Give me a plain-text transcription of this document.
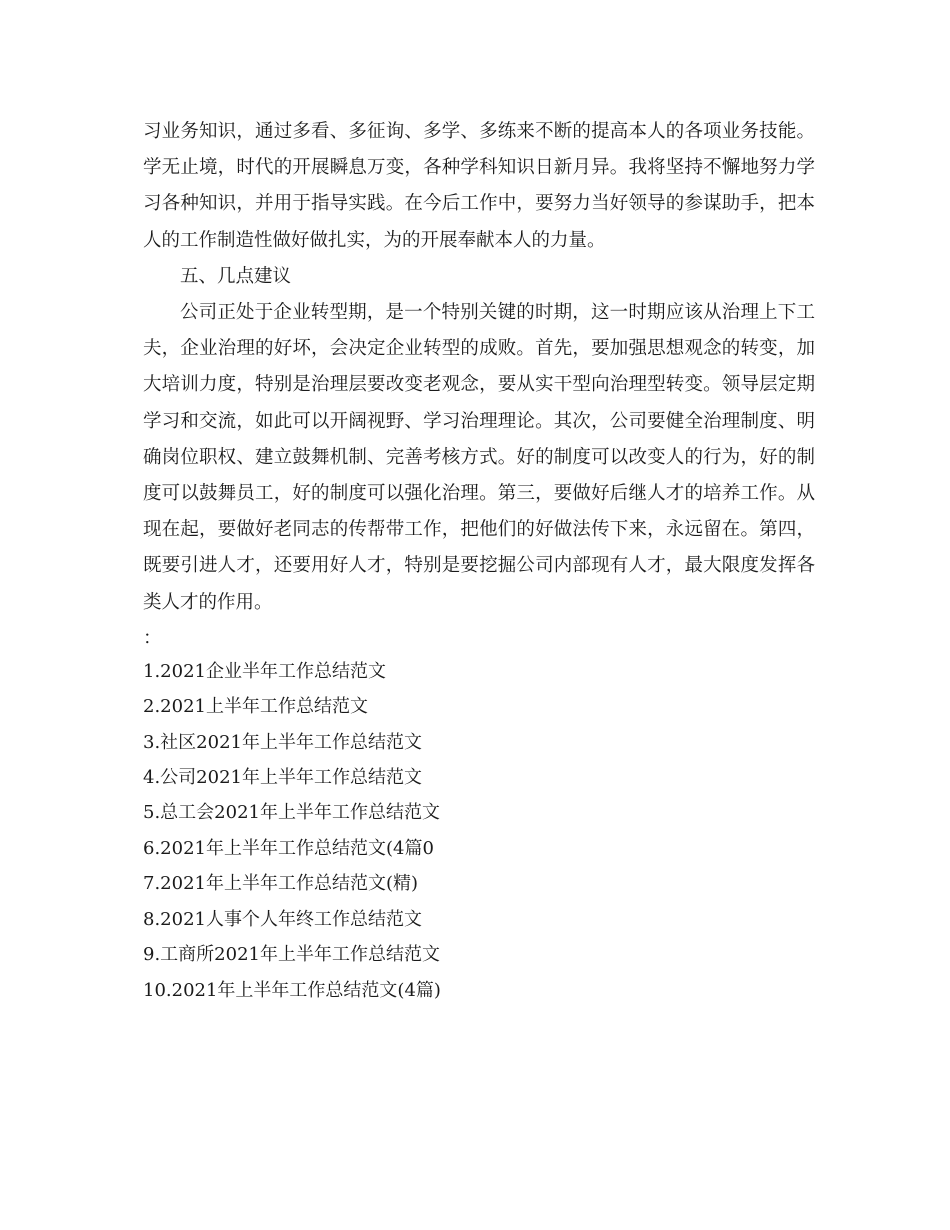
习业务知识，通过多看、多征询、多学、多练来不断的提高本人的各项业务技能。学无止境，时代的开展瞬息万变，各种学科知识日新月异。我将坚持不懈地努力学习各种知识，并用于指导实践。在今后工作中，要努力当好领导的参谋助手，把本人的工作制造性做好做扎实，为的开展奉献本人的力量。

五、几点建议

公司正处于企业转型期，是一个特别关键的时期，这一时期应该从治理上下工夫，企业治理的好坏，会决定企业转型的成败。首先，要加强思想观念的转变，加大培训力度，特别是治理层要改变老观念，要从实干型向治理型转变。领导层定期学习和交流，如此可以开阔视野、学习治理理论。其次，公司要健全治理制度、明确岗位职权、建立鼓舞机制、完善考核方式。好的制度可以改变人的行为，好的制度可以鼓舞员工，好的制度可以强化治理。第三，要做好后继人才的培养工作。从现在起，要做好老同志的传帮带工作，把他们的好做法传下来，永远留在。第四，既要引进人才，还要用好人才，特别是要挖掘公司内部现有人才，最大限度发挥各类人才的作用。

：

1.2021企业半年工作总结范文
2.2021上半年工作总结范文
3.社区2021年上半年工作总结范文
4.公司2021年上半年工作总结范文
5.总工会2021年上半年工作总结范文
6.2021年上半年工作总结范文(4篇0
7.2021年上半年工作总结范文(精)
8.2021人事个人年终工作总结范文
9.工商所2021年上半年工作总结范文
10.2021年上半年工作总结范文(4篇)
